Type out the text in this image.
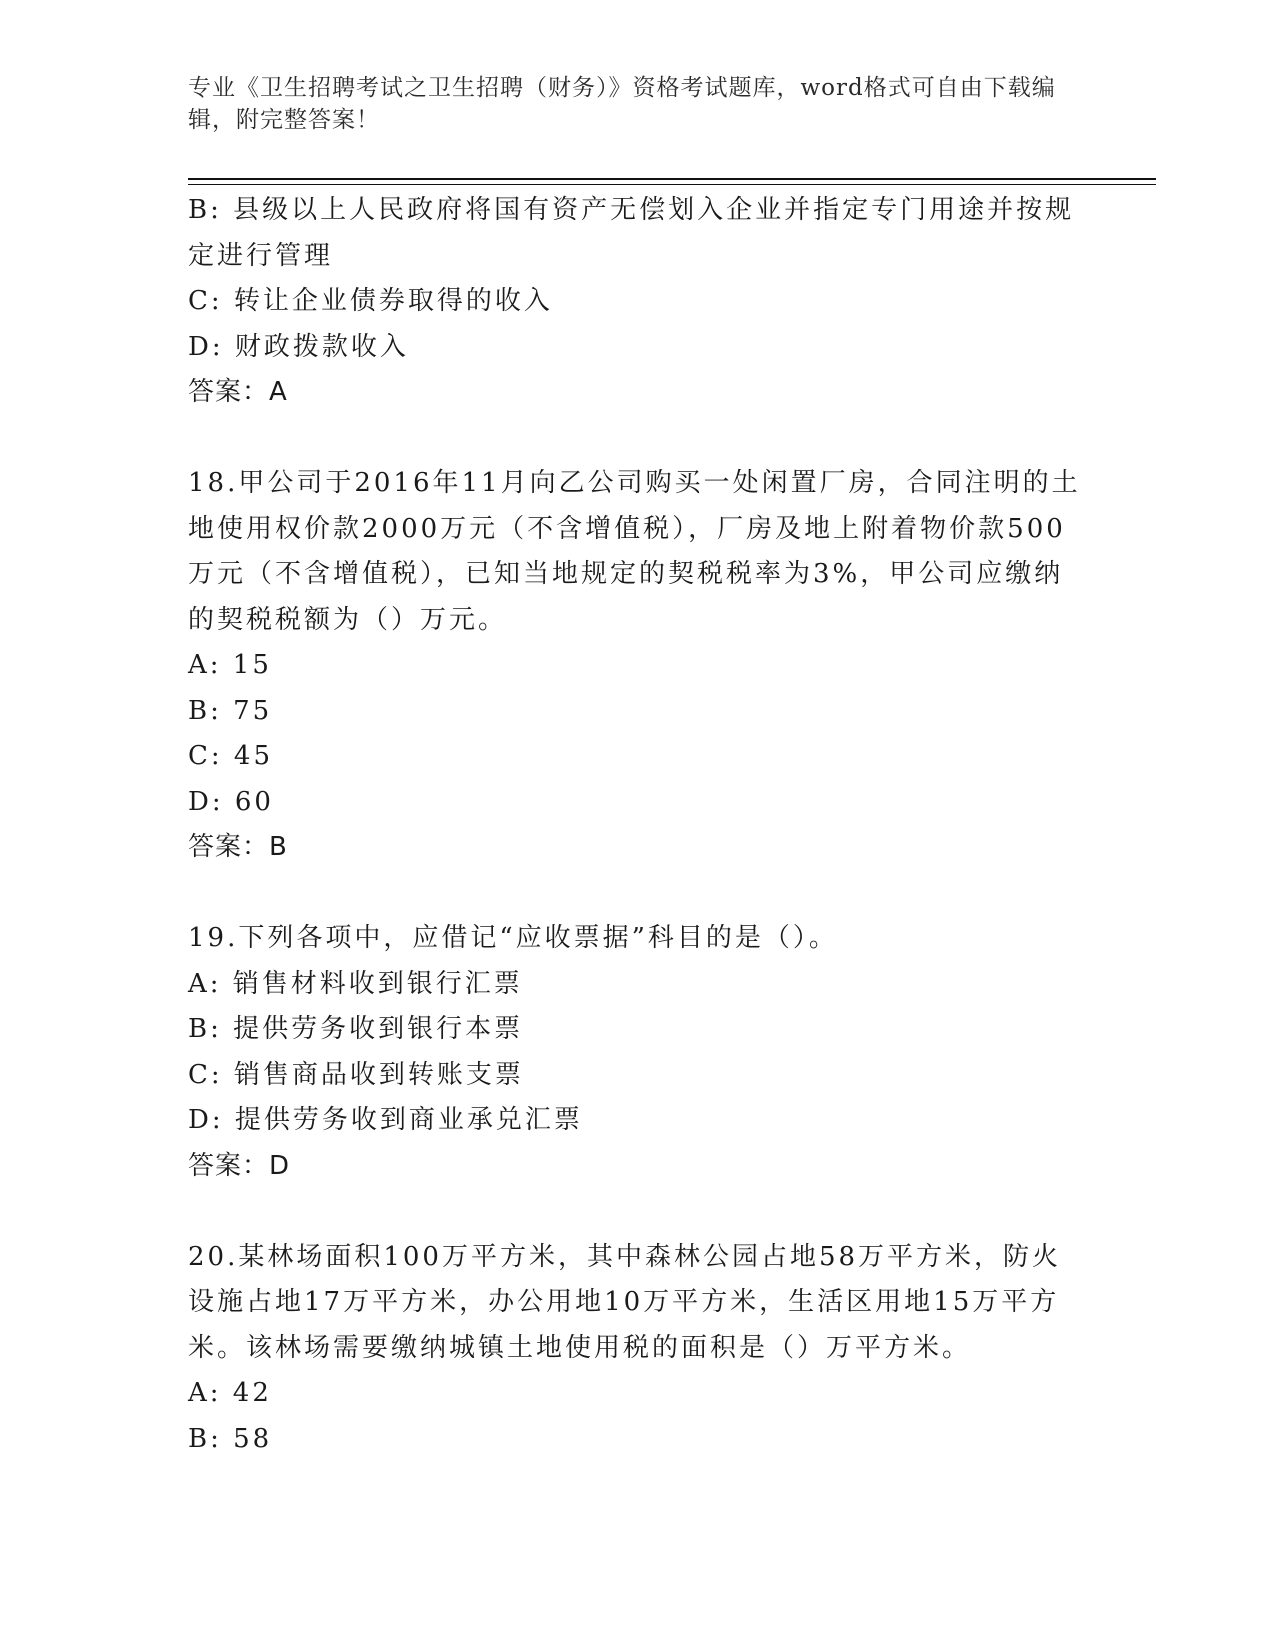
专业《卫生招聘考试之卫生招聘（财务）》资格考试题库，word格式可自由下载编辑，附完整答案！

B: 县级以上人民政府将国有资产无偿划入企业并指定专门用途并按规定进行管理

C: 转让企业债券取得的收入

D: 财政拨款收入

答案：A

18.甲公司于2016年11月向乙公司购买一处闲置厂房，合同注明的土地使用权价款2000万元（不含增值税），厂房及地上附着物价款500万元（不含增值税），已知当地规定的契税税率为3%，甲公司应缴纳的契税税额为（）万元。

A: 15

B: 75

C: 45

D: 60

答案：B

19.下列各项中，应借记“应收票据”科目的是（）。

A: 销售材料收到银行汇票

B: 提供劳务收到银行本票

C: 销售商品收到转账支票

D: 提供劳务收到商业承兑汇票

答案：D

20.某林场面积100万平方米，其中森林公园占地58万平方米，防火设施占地17万平方米，办公用地10万平方米，生活区用地15万平方米。该林场需要缴纳城镇土地使用税的面积是（）万平方米。

A: 42

B: 58
